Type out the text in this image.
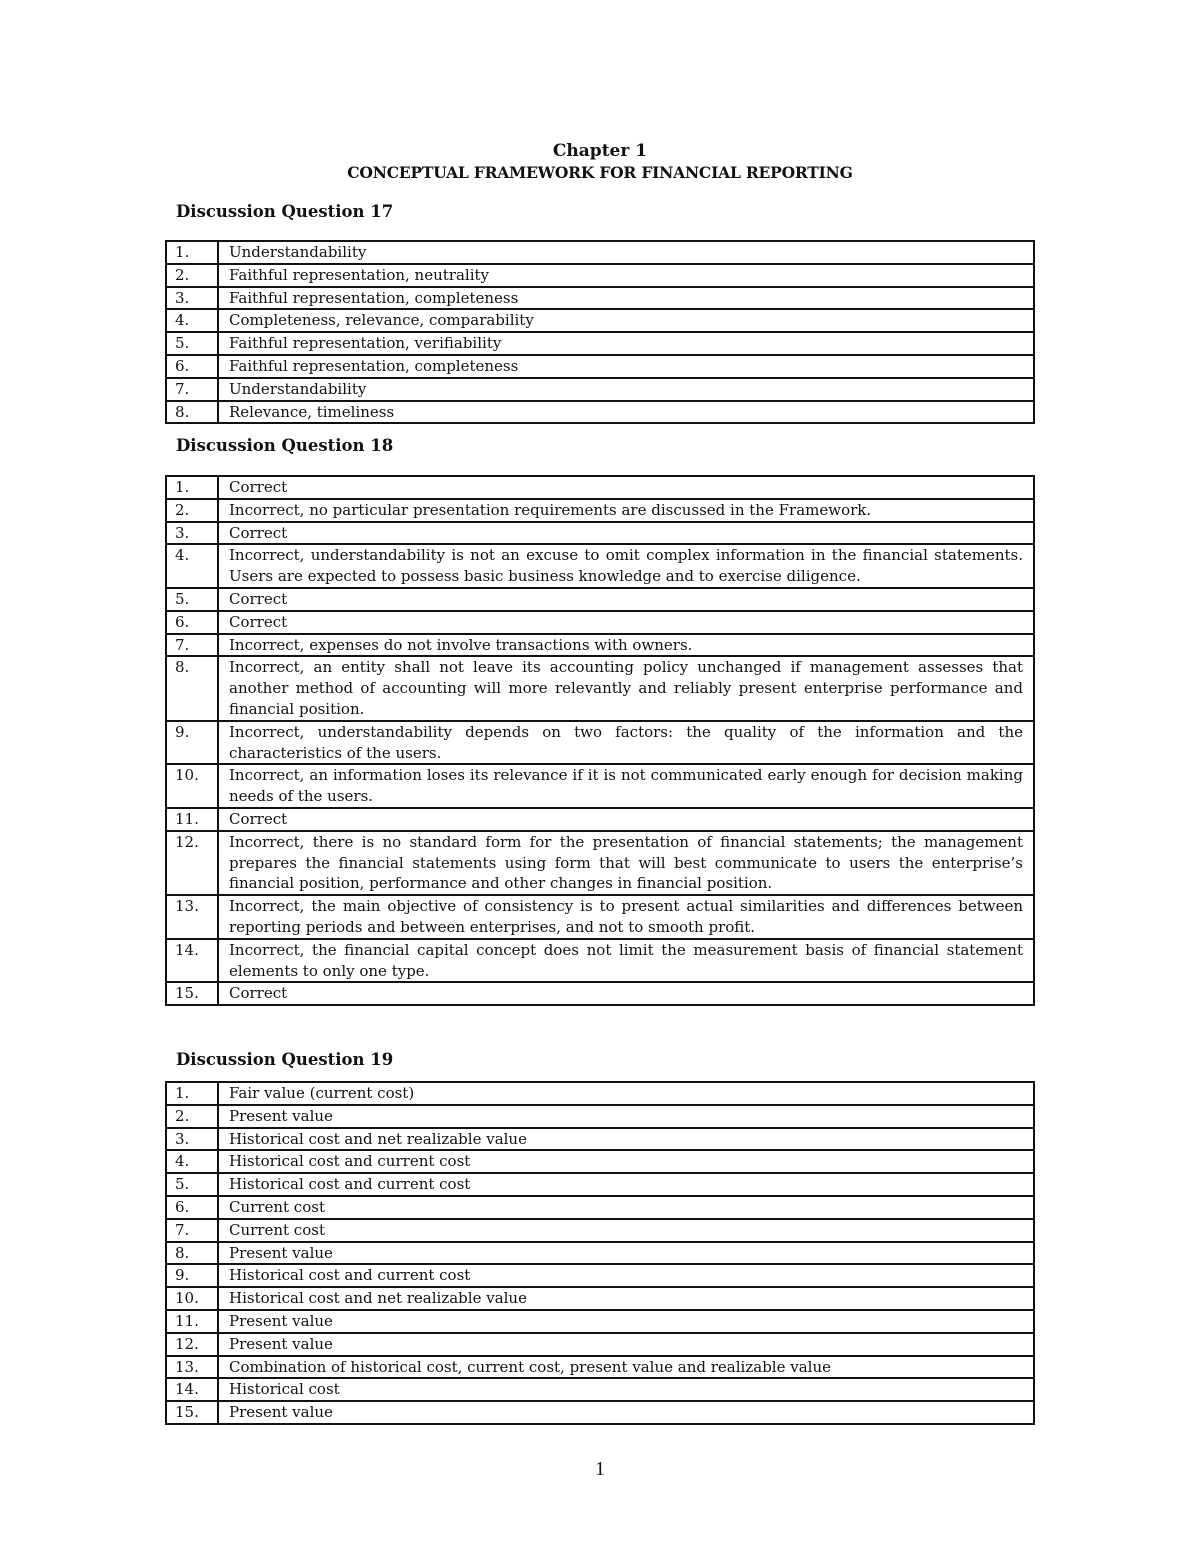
Chapter 1
CONCEPTUAL FRAMEWORK FOR FINANCIAL REPORTING
Discussion Question 17
1.	Understandability
2.	Faithful representation, neutrality
3.	Faithful representation, completeness
4.	Completeness, relevance, comparability
5.	Faithful representation, verifiability
6.	Faithful representation, completeness
7.	Understandability
8.	Relevance, timeliness
Discussion Question 18
1.	Correct
2.	Incorrect, no particular presentation requirements are discussed in the Framework.
3.	Correct
4.	Incorrect, understandability is not an excuse to omit complex information in the financial statements. Users are expected to possess basic business knowledge and to exercise diligence.
5.	Correct
6.	Correct
7.	Incorrect, expenses do not involve transactions with owners.
8.	Incorrect, an entity shall not leave its accounting policy unchanged if management assesses that another method of accounting will more relevantly and reliably present enterprise performance and financial position.
9.	Incorrect, understandability depends on two factors: the quality of the information and the characteristics of the users.
10.	Incorrect, an information loses its relevance if it is not communicated early enough for decision making needs of the users.
11.	Correct
12.	Incorrect, there is no standard form for the presentation of financial statements; the management prepares the financial statements using form that will best communicate to users the enterprise’s financial position, performance and other changes in financial position.
13.	Incorrect, the main objective of consistency is to present actual similarities and differences between reporting periods and between enterprises, and not to smooth profit.
14.	Incorrect, the financial capital concept does not limit the measurement basis of financial statement elements to only one type.
15.	Correct
Discussion Question 19
1.	Fair value (current cost)
2.	Present value
3.	Historical cost and net realizable value
4.	Historical cost and current cost
5.	Historical cost and current cost
6.	Current cost
7.	Current cost
8.	Present value
9.	Historical cost and current cost
10.	Historical cost and net realizable value
11.	Present value
12.	Present value
13.	Combination of historical cost, current cost, present value and realizable value
14.	Historical cost
15.	Present value
1
